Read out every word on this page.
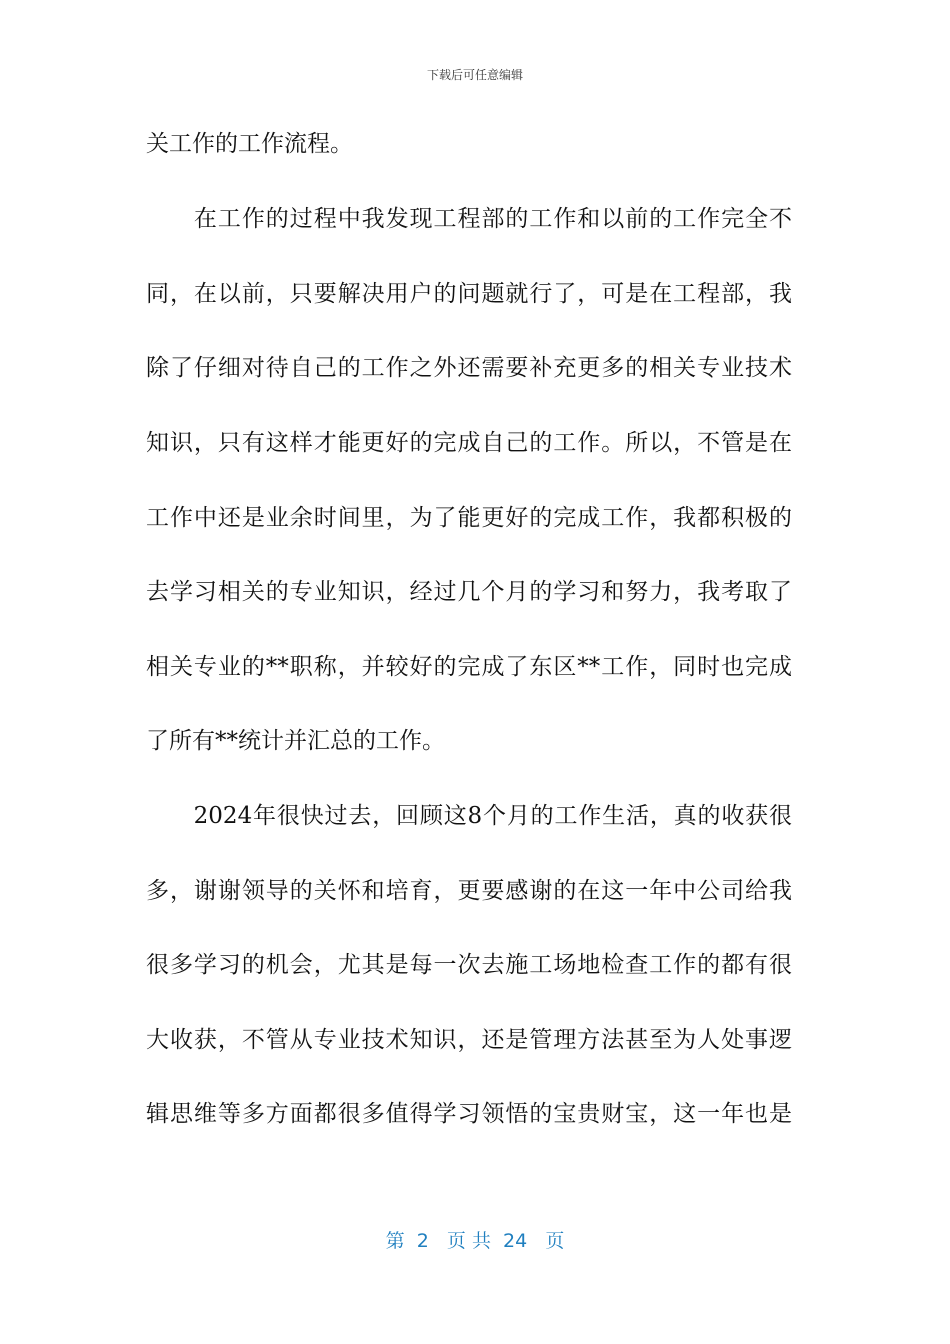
下载后可任意编辑
关工作的工作流程。
　　在工作的过程中我发现工程部的工作和以前的工作完全不
同，在以前，只要解决用户的问题就行了，可是在工程部，我
除了仔细对待自己的工作之外还需要补充更多的相关专业技术
知识，只有这样才能更好的完成自己的工作。所以，不管是在
工作中还是业余时间里，为了能更好的完成工作，我都积极的
去学习相关的专业知识，经过几个月的学习和努力，我考取了
相关专业的**职称，并较好的完成了东区**工作，同时也完成
了所有**统计并汇总的工作。
　　2024年很快过去，回顾这8个月的工作生活，真的收获很
多，谢谢领导的关怀和培育，更要感谢的在这一年中公司给我
很多学习的机会，尤其是每一次去施工场地检查工作的都有很
大收获，不管从专业技术知识，还是管理方法甚至为人处事逻
辑思维等多方面都很多值得学习领悟的宝贵财宝，这一年也是
第  2   页 共  24   页
